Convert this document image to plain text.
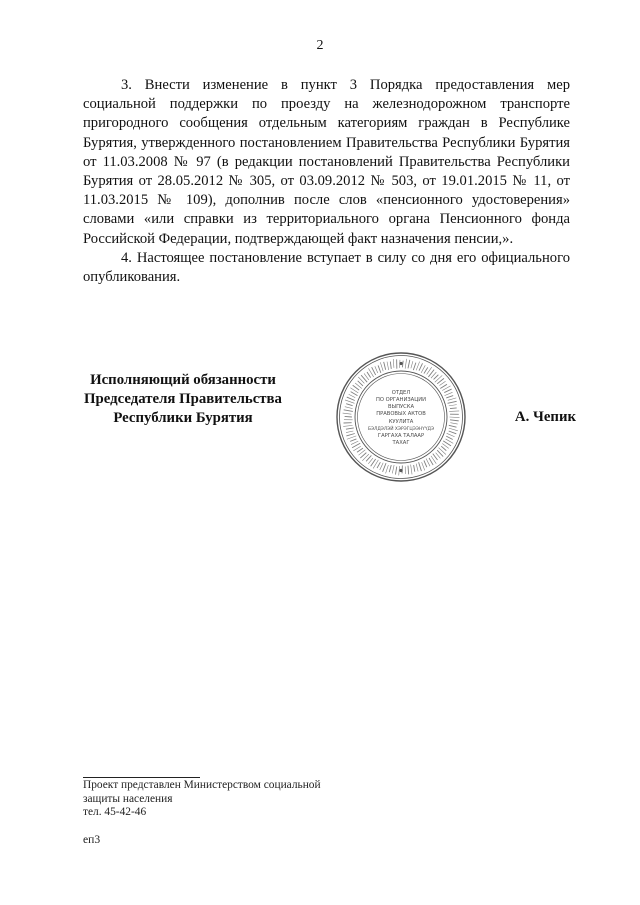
2

3. Внести изменение в пункт 3 Порядка предоставления мер социальной поддержки по проезду на железнодорожном транспорте пригородного сообщения отдельным категориям граждан в Республике Бурятия, утвержденного постановлением Правительства Республики Бурятия от 11.03.2008 № 97 (в редакции постановлений Правительства Республики Бурятия от 28.05.2012 № 305, от 03.09.2012 № 503, от 19.01.2015 № 11, от 11.03.2015 № 109), дополнив после слов «пенсионного удостоверения» словами «или справки из территориального органа Пенсионного фонда Российской Федерации, подтверждающей факт назначения пенсии,».

4. Настоящее постановление вступает в силу со дня его официального опубликования.

Исполняющий обязанности
Председателя Правительства
Республики Бурятия
ОТДЕЛ
ПО ОРГАНИЗАЦИИ
ВЫПУСКА
ПРАВОВЫХ АКТОВ
КУУЛИТА
БЭЛДЭЛЭЙ ХЭРЭГЦЭЭНҮҮДЭ
ГАРГАХА ТАЛААР
ТАХАГ
А. Чепик
Проект представлен Министерством социальной
защиты населения
тел. 45-42-46
еп3
